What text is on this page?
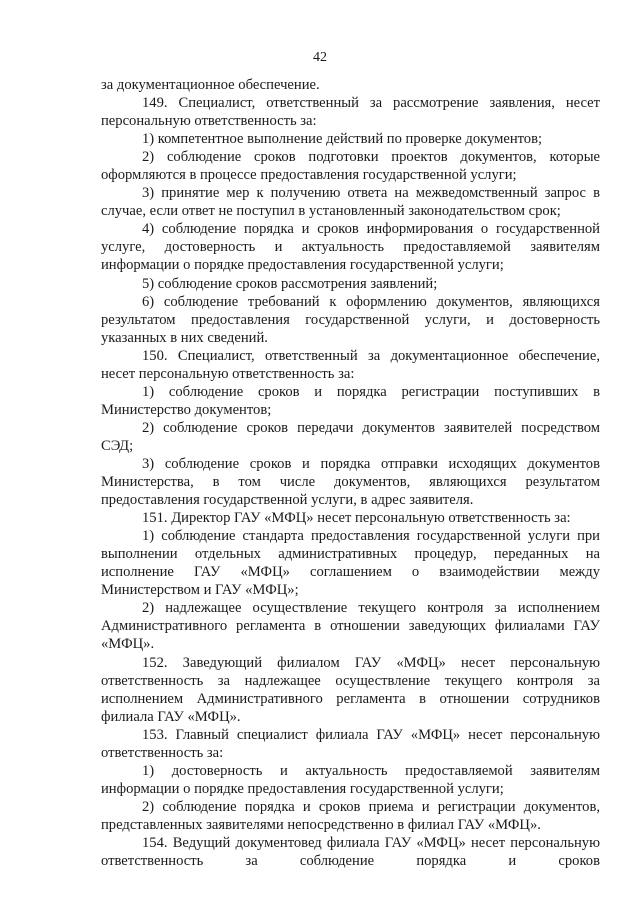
42

за документационное обеспечение.

149. Специалист, ответственный за рассмотрение заявления, несет персональную ответственность за:

1) компетентное выполнение действий по проверке документов;

2) соблюдение сроков подготовки проектов документов, которые оформляются в процессе предоставления государственной услуги;

3) принятие мер к получению ответа на межведомственный запрос в случае, если ответ не поступил в установленный законодательством срок;

4) соблюдение порядка и сроков информирования о государственной услуге, достоверность и актуальность предоставляемой заявителям информации о порядке предоставления государственной услуги;

5) соблюдение сроков рассмотрения заявлений;

6) соблюдение требований к оформлению документов, являющихся результатом предоставления государственной услуги, и достоверность указанных в них сведений.

150. Специалист, ответственный за документационное обеспечение, несет персональную ответственность за:

1) соблюдение сроков и порядка регистрации поступивших в Министерство документов;

2) соблюдение сроков передачи документов заявителей посредством СЭД;

3) соблюдение сроков и порядка отправки исходящих документов Министерства, в том числе документов, являющихся результатом предоставления государственной услуги, в адрес заявителя.

151. Директор ГАУ «МФЦ» несет персональную ответственность за:

1) соблюдение стандарта предоставления государственной услуги при выполнении отдельных административных процедур, переданных на исполнение ГАУ «МФЦ» соглашением о взаимодействии между Министерством и ГАУ «МФЦ»;

2) надлежащее осуществление текущего контроля за исполнением Административного регламента в отношении заведующих филиалами ГАУ «МФЦ».

152. Заведующий филиалом ГАУ «МФЦ» несет персональную ответственность за надлежащее осуществление текущего контроля за исполнением Административного регламента в отношении сотрудников филиала ГАУ «МФЦ».

153. Главный специалист филиала ГАУ «МФЦ» несет персональную ответственность за:

1) достоверность и актуальность предоставляемой заявителям информации о порядке предоставления государственной услуги;

2) соблюдение порядка и сроков приема и регистрации документов, представленных заявителями непосредственно в филиал ГАУ «МФЦ».

154. Ведущий документовед филиала ГАУ «МФЦ» несет персональную ответственность за соблюдение порядка и сроков
